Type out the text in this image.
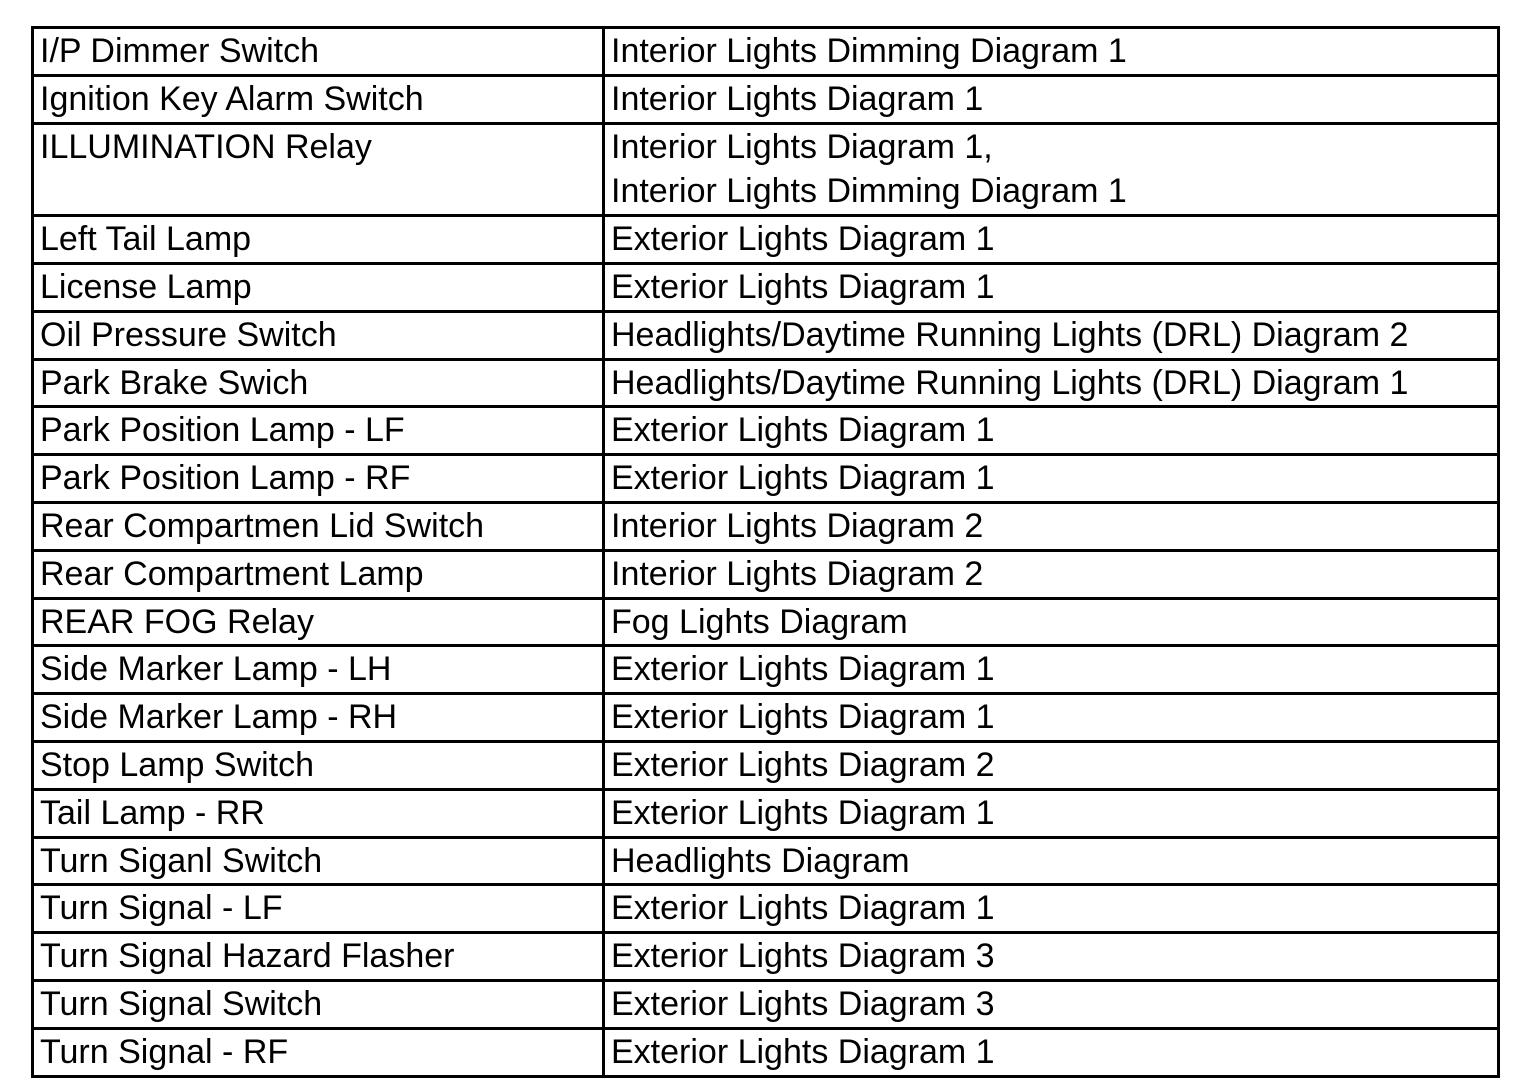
I/P Dimmer Switch	Interior Lights Dimming Diagram 1

Ignition Key Alarm Switch	Interior Lights Diagram 1

ILLUMINATION Relay	Interior Lights Diagram 1,
Interior Lights Dimming Diagram 1

Left Tail Lamp	Exterior Lights Diagram 1

License Lamp	Exterior Lights Diagram 1

Oil Pressure Switch	Headlights/Daytime Running Lights (DRL) Diagram 2

Park Brake Swich	Headlights/Daytime Running Lights (DRL) Diagram 1

Park Position Lamp - LF	Exterior Lights Diagram 1

Park Position Lamp - RF	Exterior Lights Diagram 1

Rear Compartmen Lid Switch	Interior Lights Diagram 2

Rear Compartment Lamp	Interior Lights Diagram 2

REAR FOG Relay	Fog Lights Diagram

Side Marker Lamp - LH	Exterior Lights Diagram 1

Side Marker Lamp - RH	Exterior Lights Diagram 1

Stop Lamp Switch	Exterior Lights Diagram 2

Tail Lamp - RR	Exterior Lights Diagram 1

Turn Siganl Switch	Headlights Diagram

Turn Signal - LF	Exterior Lights Diagram 1

Turn Signal Hazard Flasher	Exterior Lights Diagram 3

Turn Signal Switch	Exterior Lights Diagram 3

Turn Signal - RF	Exterior Lights Diagram 1
